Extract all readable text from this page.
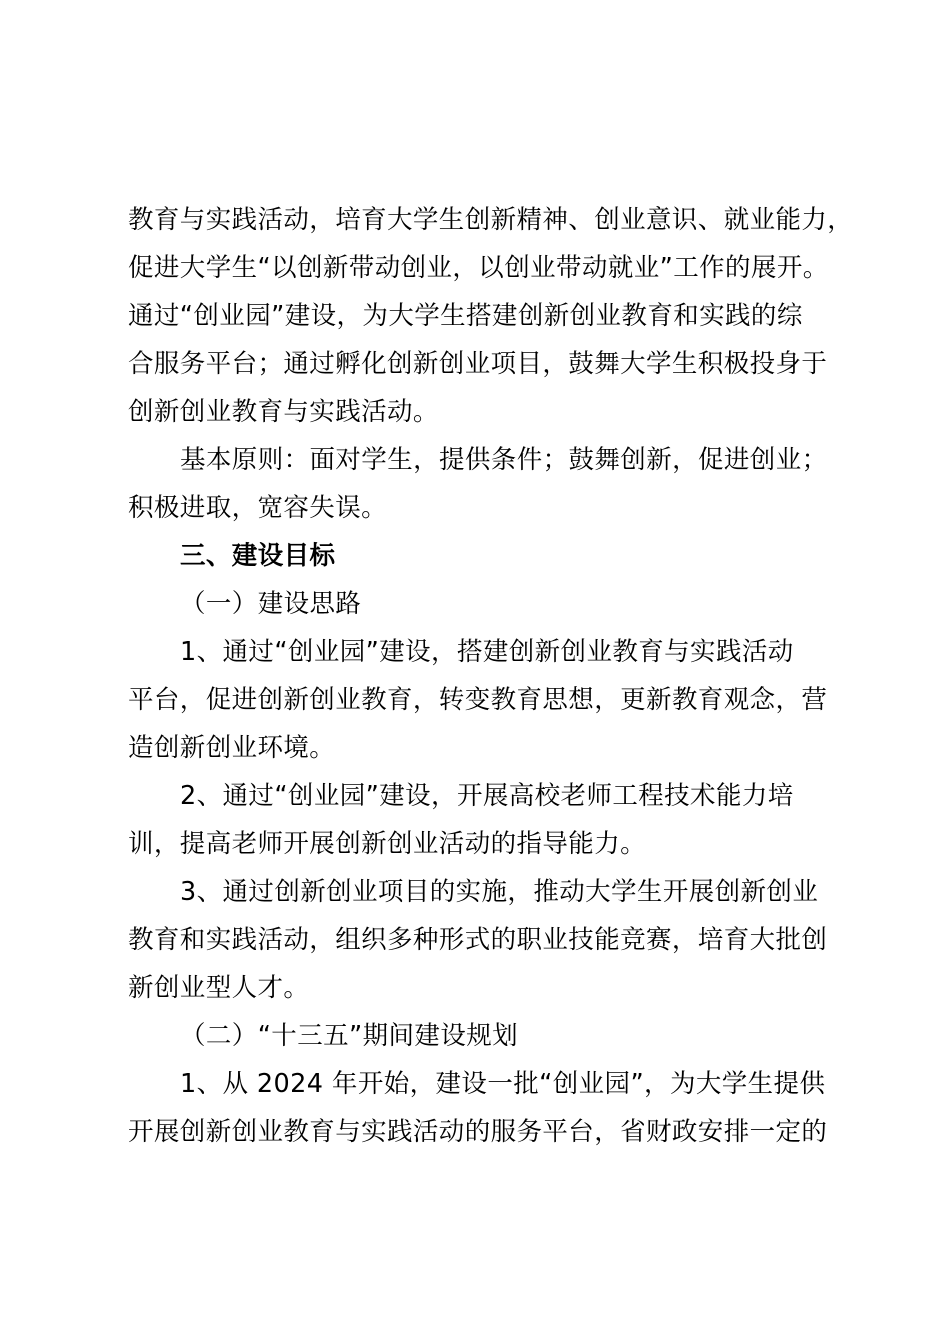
教育与实践活动，培育大学生创新精神、创业意识、就业能力，
促进大学生“以创新带动创业，以创业带动就业”工作的展开。
通过“创业园”建设，为大学生搭建创新创业教育和实践的综
合服务平台；通过孵化创新创业项目，鼓舞大学生积极投身于
创新创业教育与实践活动。
基本原则：面对学生，提供条件；鼓舞创新，促进创业；
积极进取，宽容失误。
三、建设目标
（一）建设思路
1、通过“创业园”建设，搭建创新创业教育与实践活动
平台，促进创新创业教育，转变教育思想，更新教育观念，营
造创新创业环境。
2、通过“创业园”建设，开展高校老师工程技术能力培
训，提高老师开展创新创业活动的指导能力。
3、通过创新创业项目的实施，推动大学生开展创新创业
教育和实践活动，组织多种形式的职业技能竞赛，培育大批创
新创业型人才。
（二）“十三五”期间建设规划
1、从 2024 年开始，建设一批“创业园”，为大学生提供
开展创新创业教育与实践活动的服务平台，省财政安排一定的
